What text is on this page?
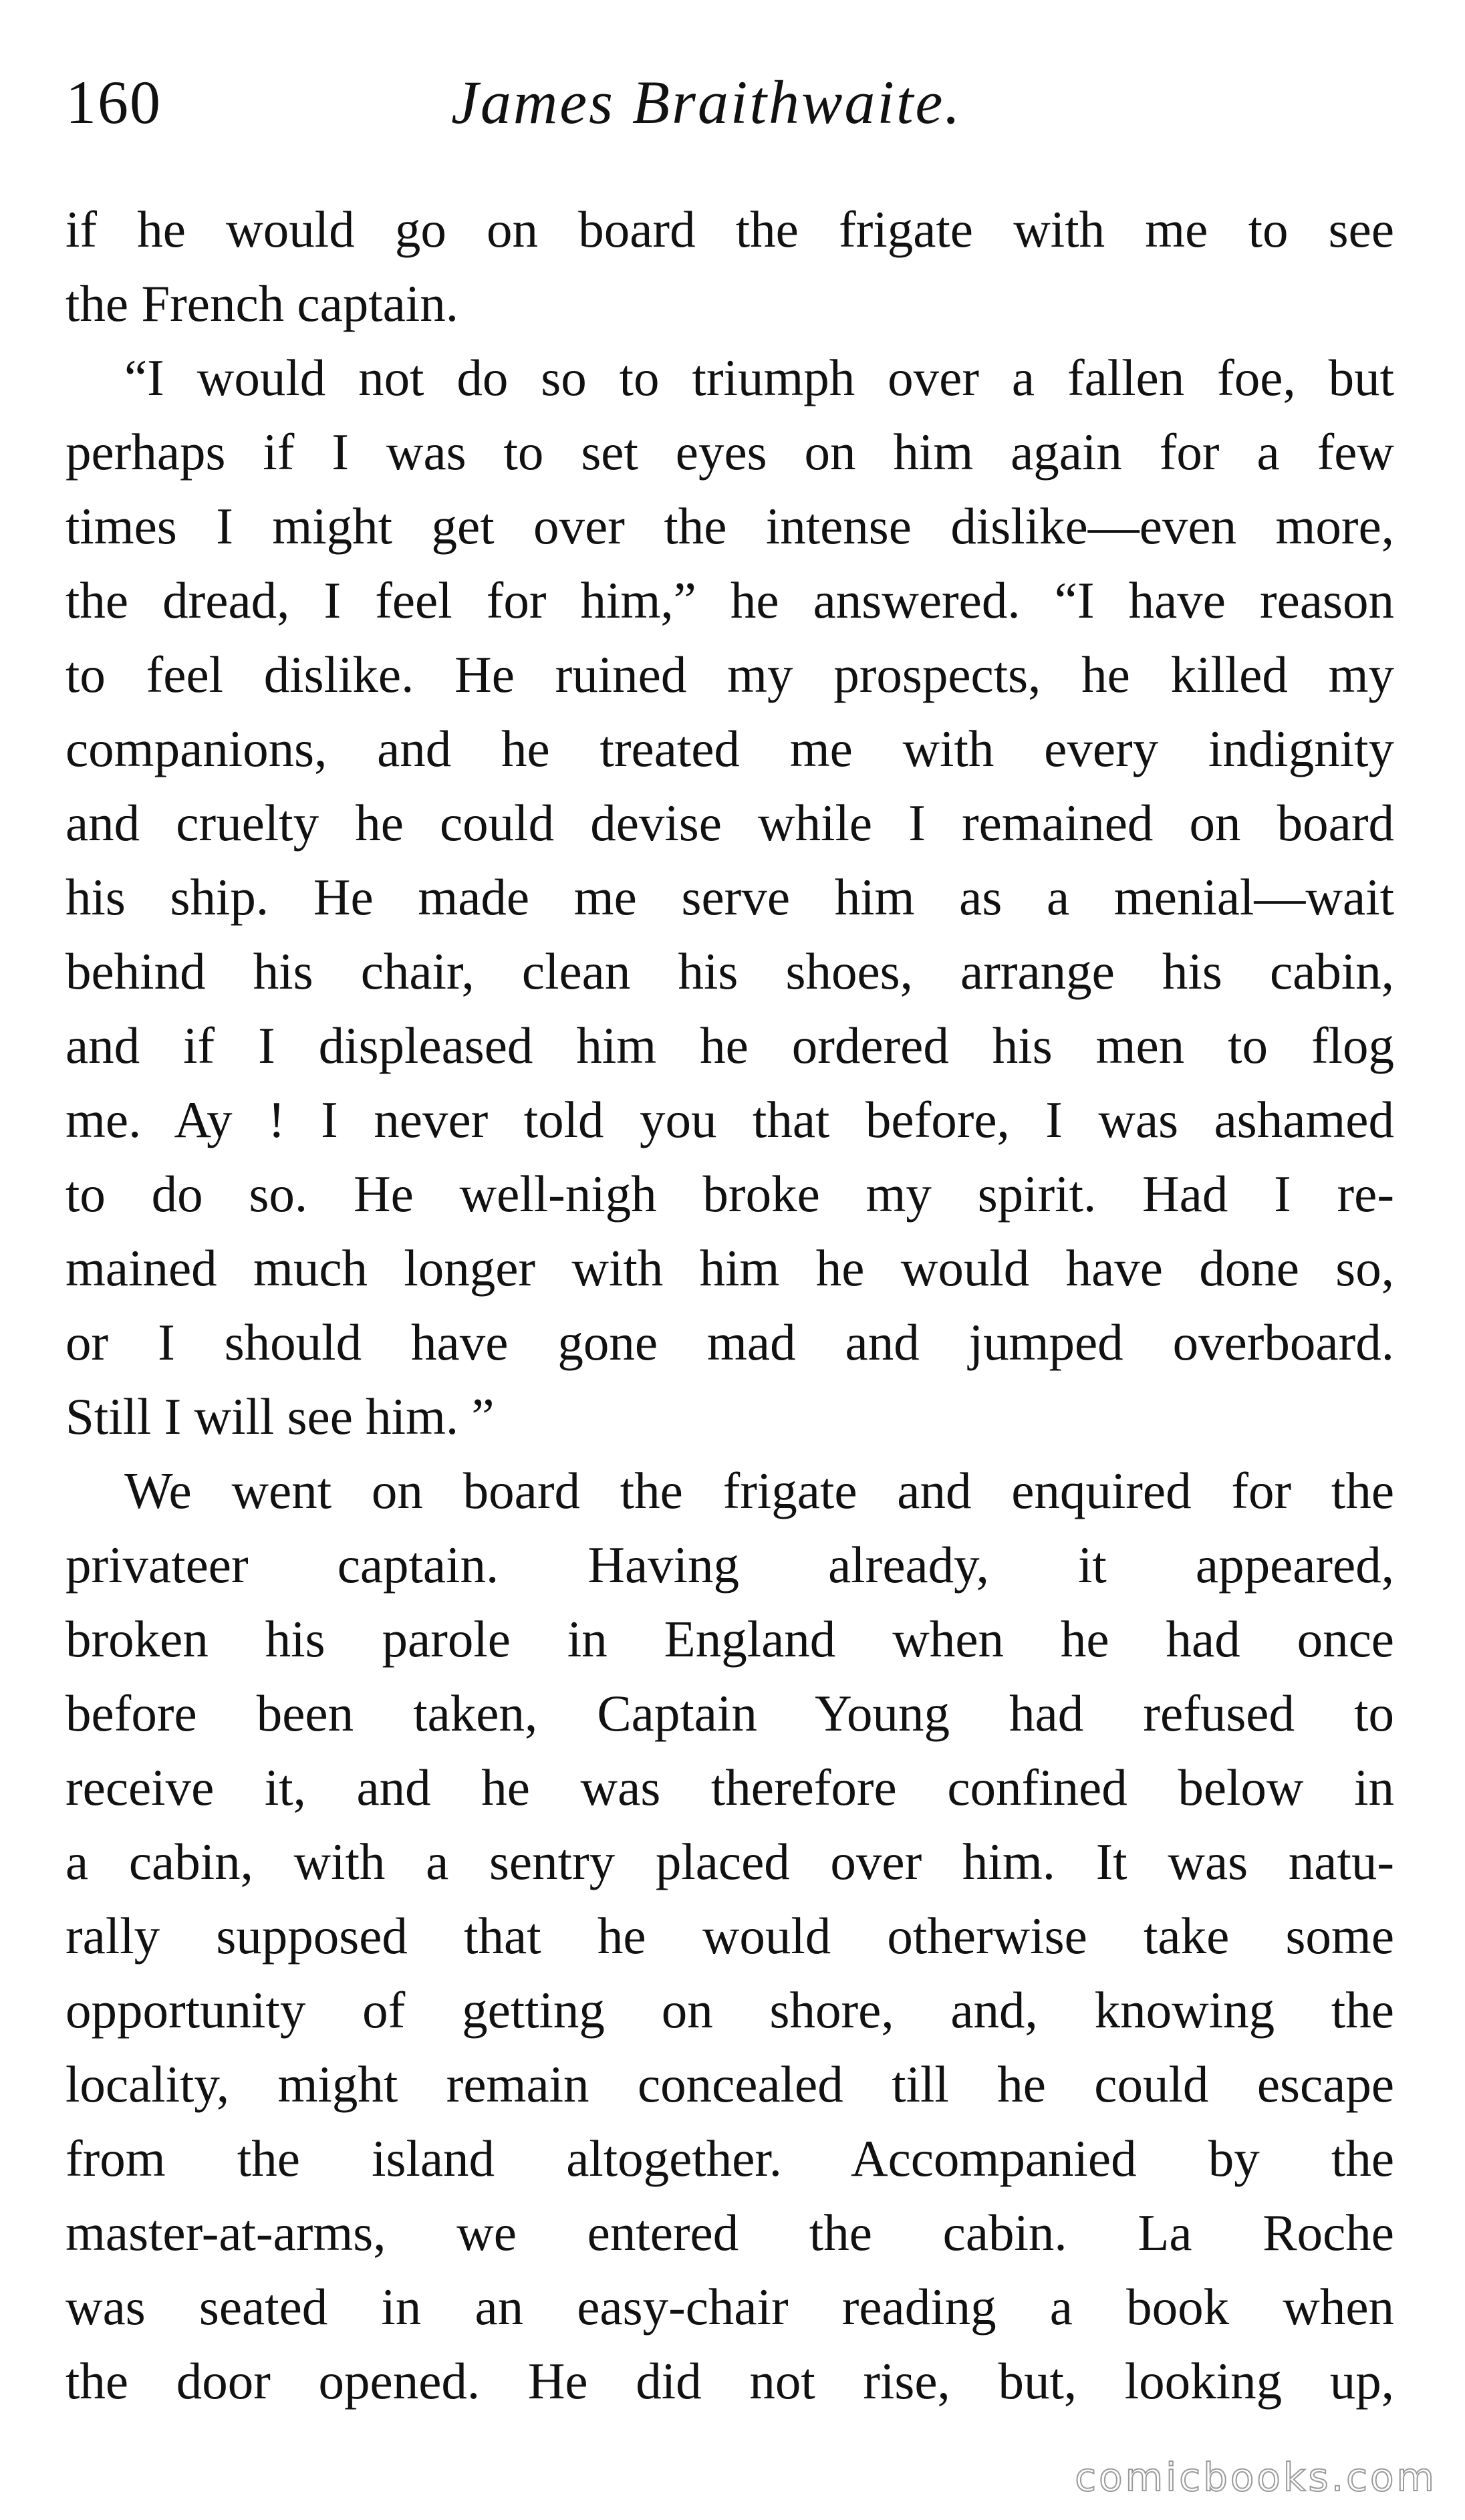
160	James Braithwaite.
if he would go on board the frigate with me to see
the French captain.
“I would not do so to triumph over a fallen foe, but
perhaps if I was to set eyes on him again for a few
times I might get over the intense dislike—even more,
the dread, I feel for him,” he answered. “I have reason
to feel dislike. He ruined my prospects, he killed my
companions, and he treated me with every indignity
and cruelty he could devise while I remained on board
his ship. He made me serve him as a menial—wait
behind his chair, clean his shoes, arrange his cabin,
and if I displeased him he ordered his men to flog
me. Ay ! I never told you that before, I was ashamed
to do so. He well-nigh broke my spirit. Had I re-
mained much longer with him he would have done so,
or I should have gone mad and jumped overboard.
Still I will see him. ”
We went on board the frigate and enquired for the
privateer captain. Having already, it appeared,
broken his parole in England when he had once
before been taken, Captain Young had refused to
receive it, and he was therefore confined below in
a cabin, with a sentry placed over him. It was natu-
rally supposed that he would otherwise take some
opportunity of getting on shore, and, knowing the
locality, might remain concealed till he could escape
from the island altogether. Accompanied by the
master-at-arms, we entered the cabin. La Roche
was seated in an easy-chair reading a book when
the door opened. He did not rise, but, looking up,
comicbooks.com
